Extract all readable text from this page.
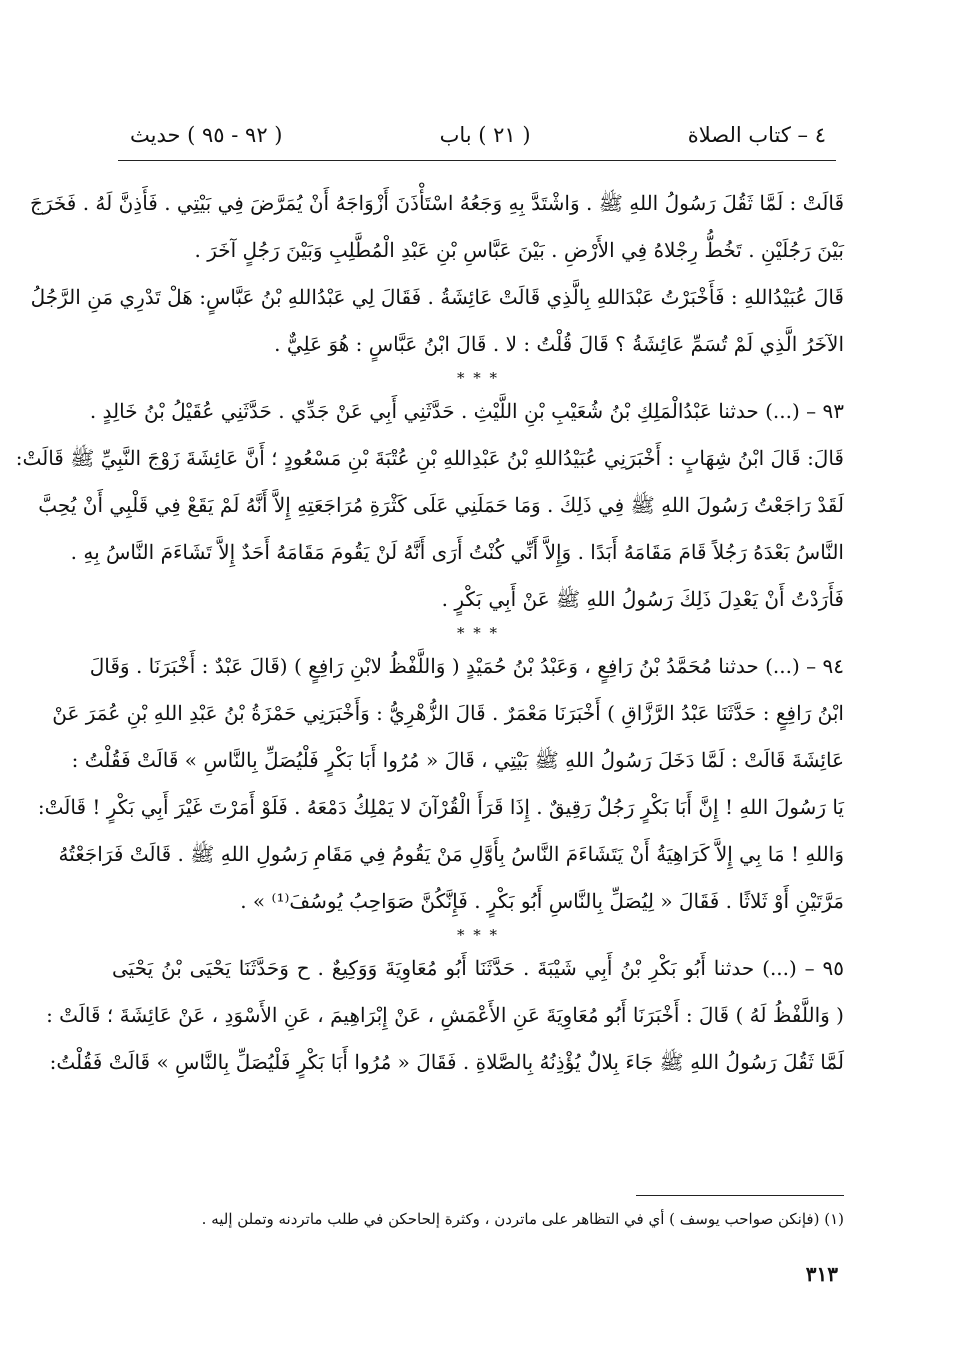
٤ – كتاب الصلاة
( ٢١ ) باب
( ٩٢ - ٩٥ ) حديث
قَالَتْ : لَمَّا ثَقُلَ رَسُولُ اللهِ ﷺ . وَاشْتَدَّ بِهِ وَجَعُهُ اسْتَأْذَنَ أَزْوَاجَهُ أَنْ يُمَرَّضَ فِي بَيْتِي . فَأَذِنَّ لَهُ . فَخَرَجَ
بَيْنَ رَجُلَيْنِ . تَخُطُّ رِجْلاهُ فِي الأَرْضِ . بَيْنَ عَبَّاسِ بْنِ عَبْدِ الْمُطَّلِبِ وَبَيْنَ رَجُلٍ آخَرَ .
قَالَ عُبَيْدُاللهِ : فَأَخْبَرْتُ عَبْدَاللهِ بِالَّذِي قَالَتْ عَائِشَةُ . فَقَالَ لِي عَبْدُاللهِ بْنُ عَبَّاسٍ: هَلْ تَدْرِي مَنِ الرَّجُلُ
الآخَرُ الَّذِي لَمْ تُسَمِّ عَائِشَةُ ؟ قَالَ قُلْتُ : لا . قَالَ ابْنُ عَبَّاسٍ : هُوَ عَلِيٌّ .
* * *
٩٣ – (...) حدثنا عَبْدُالْمَلِكِ بْنُ شُعَيْبِ بْنِ اللَّيْثِ . حَدَّثَنِي أَبِي عَنْ جَدِّي . حَدَّثَنِي عُقَيْلُ بْنُ خَالِدٍ .
قَالَ: قَالَ ابْنُ شِهَابٍ : أَخْبَرَنِي عُبَيْدُاللهِ بْنُ عَبْدِاللهِ بْنِ عُتْبَةَ بْنِ مَسْعُودٍ ؛ أَنَّ عَائِشَةَ زَوْجَ النَّبِيِّ ﷺ قَالَتْ:
لَقَدْ رَاجَعْتُ رَسُولَ اللهِ ﷺ فِي ذَلِكَ . وَمَا حَمَلَنِي عَلَى كَثْرَةِ مُرَاجَعَتِهِ إِلاَّ أَنَّهُ لَمْ يَقَعْ فِي قَلْبِي أَنْ يُحِبَّ
النَّاسُ بَعْدَهُ رَجُلاً قَامَ مَقَامَهُ أَبَدًا . وَإِلاَّ أَنِّي كُنْتُ أَرَى أَنَّهُ لَنْ يَقُومَ مَقَامَهُ أَحَدٌ إِلاَّ تَشَاءَمَ النَّاسُ بِهِ .
فَأَرَدْتُ أَنْ يَعْدِلَ ذَلِكَ رَسُولُ اللهِ ﷺ عَنْ أَبِي بَكْرٍ .
* * *
٩٤ – (...) حدثنا مُحَمَّدُ بْنُ رَافِعٍ ، وَعَبْدُ بْنُ حُمَيْدٍ ( وَاللَّفْظُ لابْنِ رَافِعٍ ) (قَالَ عَبْدٌ : أَخْبَرَنَا . وَقَالَ
ابْنُ رَافِعٍ : حَدَّثَنَا عَبْدُ الرَّزَّاقِ ) أَخْبَرَنَا مَعْمَرٌ . قَالَ الزُّهْرِيُّ : وَأَخْبَرَنِي حَمْزَةُ بْنُ عَبْدِ اللهِ بْنِ عُمَرَ عَنْ
عَائِشَةَ قَالَتْ : لَمَّا دَخَلَ رَسُولُ اللهِ ﷺ بَيْتِي ، قَالَ « مُرُوا أَبَا بَكْرٍ فَلْيُصَلِّ بِالنَّاسِ » قَالَتْ فَقُلْتُ :
يَا رَسُولَ اللهِ ! إِنَّ أَبَا بَكْرٍ رَجُلٌ رَقِيقٌ . إِذَا قَرَأَ الْقُرْآنَ لا يَمْلِكُ دَمْعَهُ . فَلَوْ أَمَرْتَ غَيْرَ أَبِي بَكْرٍ ! قَالَتْ:
وَاللهِ ! مَا بِي إِلاَّ كَرَاهِيَةُ أَنْ يَتَشَاءَمَ النَّاسُ بِأَوَّلِ مَنْ يَقُومُ فِي مَقَامِ رَسُولِ اللهِ ﷺ . قَالَتْ فَرَاجَعْتُهُ
مَرَّتَيْنِ أَوْ ثَلاثًا . فَقَالَ « لِيُصَلِّ بِالنَّاسِ أَبُو بَكْرٍ . فَإِنَّكُنَّ صَوَاحِبُ يُوسُفَ⁽¹⁾ » .
* * *
٩٥ – (...) حدثنا أَبُو بَكْرِ بْنُ أَبِي شَيْبَةَ . حَدَّثَنَا أَبُو مُعَاوِيَةَ وَوَكِيعٌ . ح وَحَدَّثَنَا يَحْيَى بْنُ يَحْيَى
( وَاللَّفْظُ لَهُ ) قَالَ : أَخْبَرَنَا أَبُو مُعَاوِيَةَ عَنِ الأَعْمَشِ ، عَنْ إِبْرَاهِيمَ ، عَنِ الأَسْوَدِ ، عَنْ عَائِشَةَ ؛ قَالَتْ :
لَمَّا ثَقُلَ رَسُولُ اللهِ ﷺ جَاءَ بِلالٌ يُؤْذِنُهُ بِالصَّلاةِ . فَقَالَ « مُرُوا أَبَا بَكْرٍ فَلْيُصَلِّ بِالنَّاسِ » قَالَتْ فَقُلْتُ:
(١) (فإنكن صواحب يوسف ) أي في التظاهر على ماتردن ، وكثرة إلحاحكن في طلب ماتردنه وتملن إليه .
٣١٣
